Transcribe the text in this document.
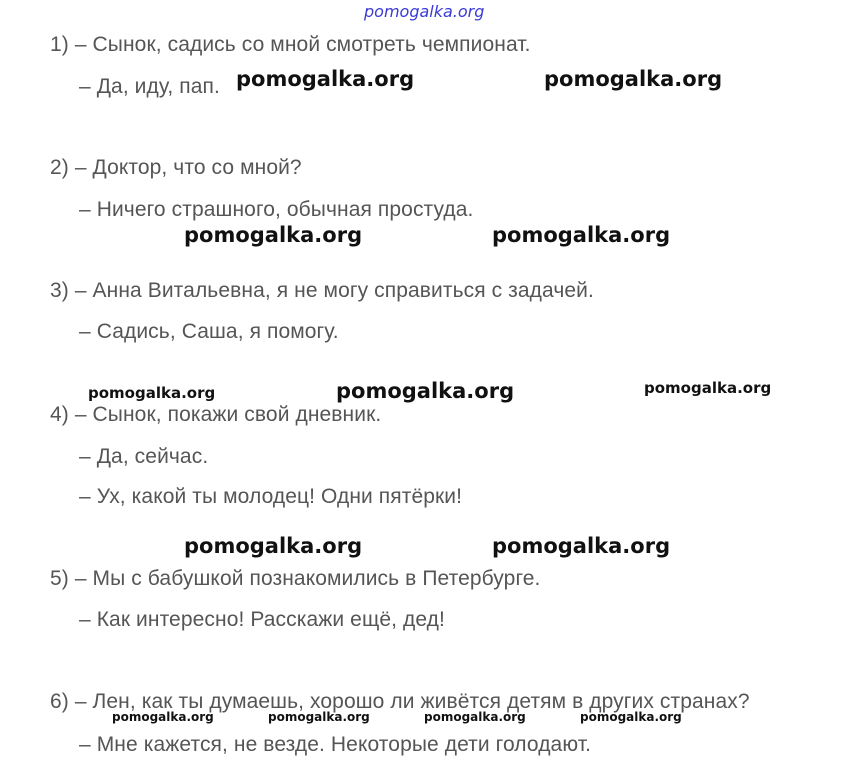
pomogalka.org

1) – Сынок, садись со мной смотреть чемпионат.

– Да, иду, пап.

2) – Доктор, что со мной?

– Ничего страшного, обычная простуда.

3) – Анна Витальевна, я не могу справиться с задачей.

– Садись, Саша, я помогу.

4) – Сынок, покажи свой дневник.

– Да, сейчас.

– Ух, какой ты молодец! Одни пятёрки!

5) – Мы с бабушкой познакомились в Петербурге.

– Как интересно! Расскажи ещё, дед!

6) – Лен, как ты думаешь, хорошо ли живётся детям в других странах?

– Мне кажется, не везде. Некоторые дети голодают.

pomogalka.org	pomogalka.org

pomogalka.org	pomogalka.org

pomogalka.org	pomogalka.org	pomogalka.org

pomogalka.org	pomogalka.org

pomogalka.org	pomogalka.org	pomogalka.org	pomogalka.org
